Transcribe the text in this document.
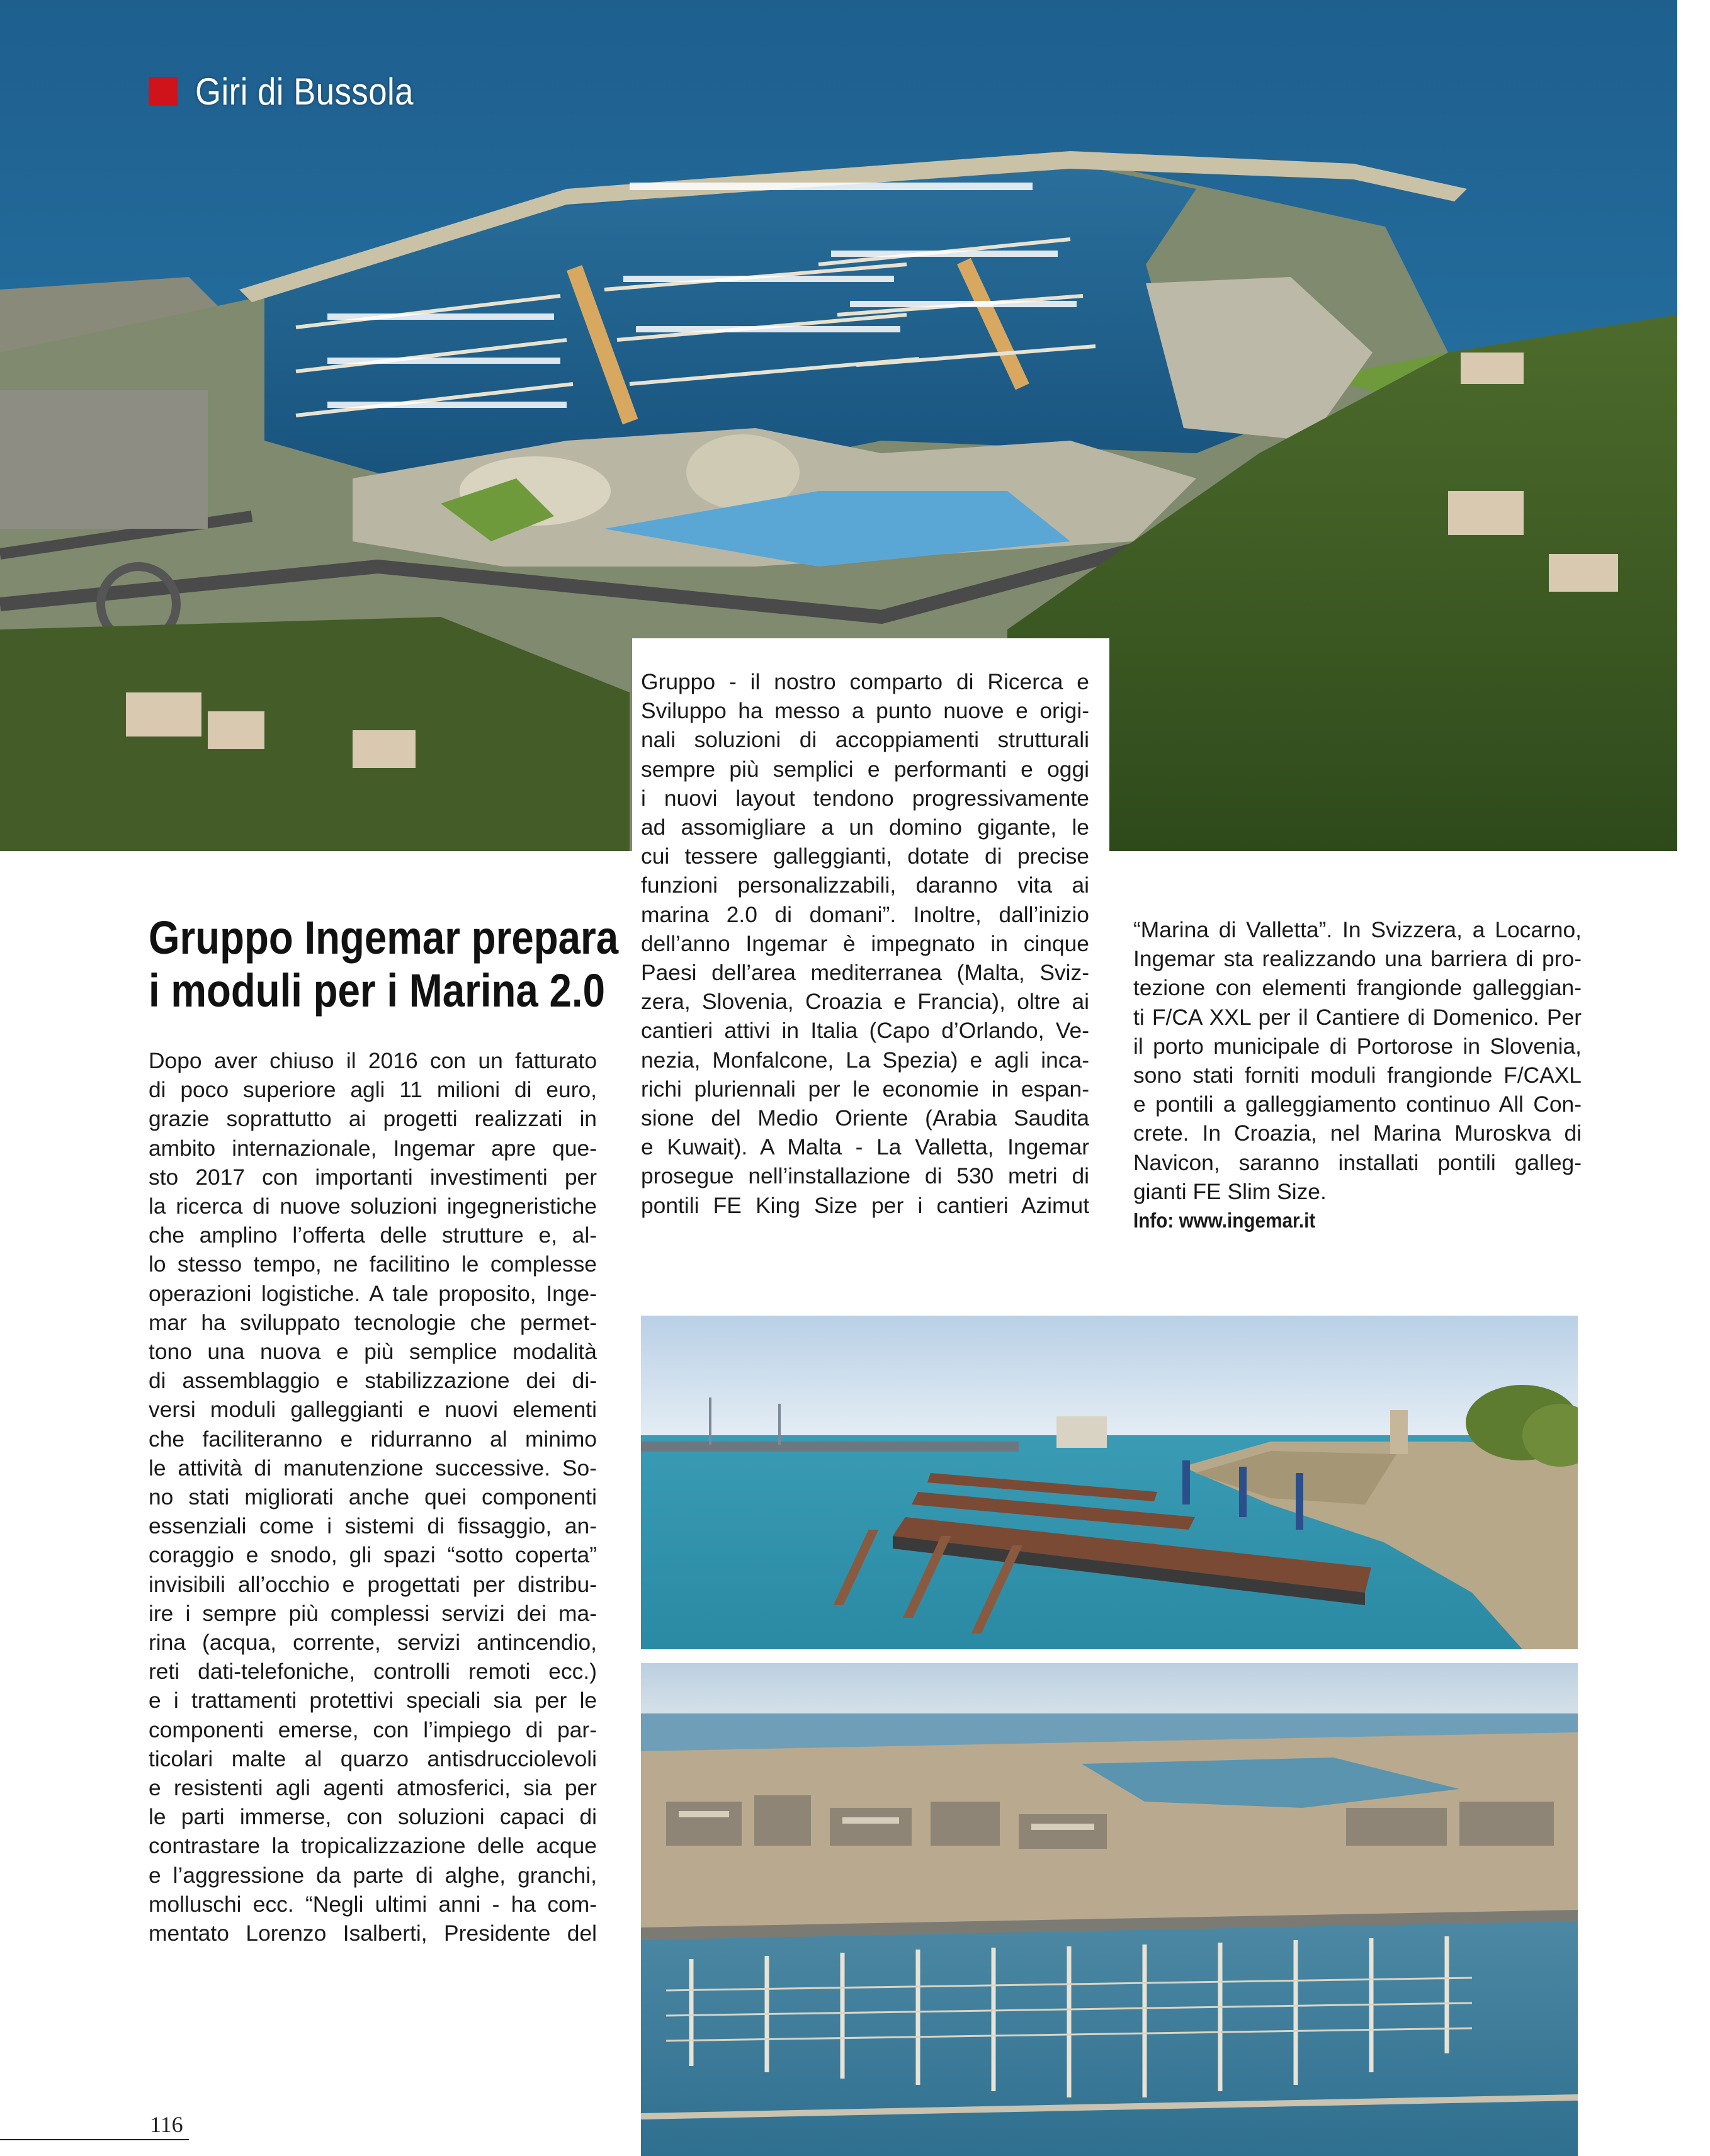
Giri di Bussola
Gruppo Ingemar prepara
i moduli per i Marina 2.0

Dopo aver chiuso il 2016 con un fatturato

di poco superiore agli 11 milioni di euro,

grazie soprattutto ai progetti realizzati in

ambito internazionale, Ingemar apre que-

sto 2017 con importanti investimenti per

la ricerca di nuove soluzioni ingegneristiche

che amplino l’offerta delle strutture e, al-

lo stesso tempo, ne facilitino le complesse

operazioni logistiche. A tale proposito, Inge-

mar ha sviluppato tecnologie che permet-

tono una nuova e più semplice modalità

di assemblaggio e stabilizzazione dei di-

versi moduli galleggianti e nuovi elementi

che faciliteranno e ridurranno al minimo

le attività di manutenzione successive. So-

no stati migliorati anche quei componenti

essenziali come i sistemi di fissaggio, an-

coraggio e snodo, gli spazi “sotto coperta”

invisibili all’occhio e progettati per distribu-

ire i sempre più complessi servizi dei ma-

rina (acqua, corrente, servizi antincendio,

reti dati-telefoniche, controlli remoti ecc.)

e i trattamenti protettivi speciali sia per le

componenti emerse, con l’impiego di par-

ticolari malte al quarzo antisdrucciolevoli

e resistenti agli agenti atmosferici, sia per

le parti immerse, con soluzioni capaci di

contrastare la tropicalizzazione delle acque

e l’aggressione da parte di alghe, granchi,

molluschi ecc. “Negli ultimi anni - ha com-

mentato Lorenzo Isalberti, Presidente del

Gruppo - il nostro comparto di Ricerca e

Sviluppo ha messo a punto nuove e origi-

nali soluzioni di accoppiamenti strutturali

sempre più semplici e performanti e oggi

i nuovi layout tendono progressivamente

ad assomigliare a un domino gigante, le

cui tessere galleggianti, dotate di precise

funzioni personalizzabili, daranno vita ai

marina 2.0 di domani”. Inoltre, dall’inizio

dell’anno Ingemar è impegnato in cinque

Paesi dell’area mediterranea (Malta, Sviz-

zera, Slovenia, Croazia e Francia), oltre ai

cantieri attivi in Italia (Capo d’Orlando, Ve-

nezia, Monfalcone, La Spezia) e agli inca-

richi pluriennali per le economie in espan-

sione del Medio Oriente (Arabia Saudita

e Kuwait). A Malta - La Valletta, Ingemar

prosegue nell’installazione di 530 metri di

pontili FE King Size per i cantieri Azimut

“Marina di Valletta”. In Svizzera, a Locarno,

Ingemar sta realizzando una barriera di pro-

tezione con elementi frangionde galleggian-

ti F/CA XXL per il Cantiere di Domenico. Per

il porto municipale di Portorose in Slovenia,

sono stati forniti moduli frangionde F/CAXL

e pontili a galleggiamento continuo All Con-

crete. In Croazia, nel Marina Muroskva di

Navicon, saranno installati pontili galleg-

gianti FE Slim Size.

Info: www.ingemar.it

116
